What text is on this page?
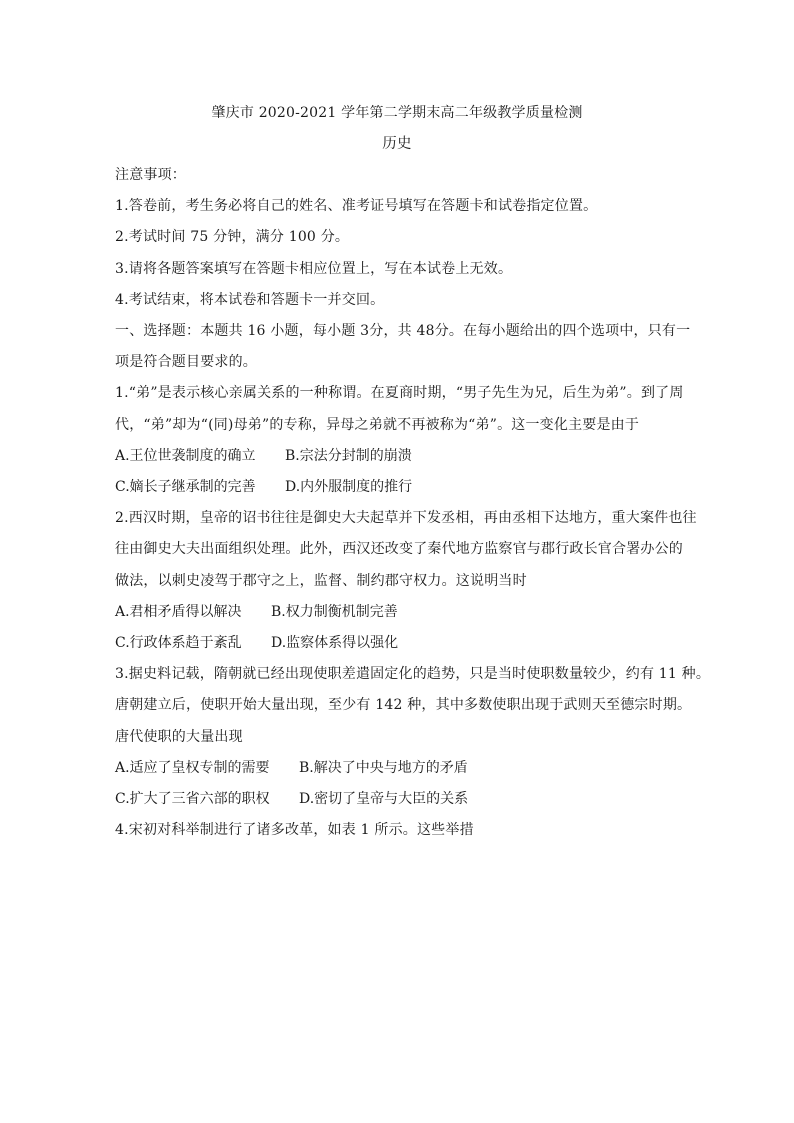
肇庆市 2020-2021 学年第二学期末高二年级教学质量检测
历史
注意事项：
1.答卷前，考生务必将自己的姓名、准考证号填写在答题卡和试卷指定位置。
2.考试时间 75 分钟，满分 100 分。
3.请将各题答案填写在答题卡相应位置上，写在本试卷上无效。
4.考试结束，将本试卷和答题卡一并交回。
一、选择题：本题共 16 小题，每小题 3分，共 48分。在每小题给出的四个选项中，只有一
项是符合题目要求的。
1.“弟”是表示核心亲属关系的一种称谓。在夏商时期，“男子先生为兄，后生为弟”。到了周
代，“弟”却为“(同)母弟”的专称，异母之弟就不再被称为“弟”。这一变化主要是由于
A.王位世袭制度的确立 B.宗法分封制的崩溃
C.嫡长子继承制的完善 D.内外服制度的推行
2.西汉时期，皇帝的诏书往往是御史大夫起草并下发丞相，再由丞相下达地方，重大案件也往
往由御史大夫出面组织处理。此外，西汉还改变了秦代地方监察官与郡行政长官合署办公的
做法，以刺史凌驾于郡守之上，监督、制约郡守权力。这说明当时
A.君相矛盾得以解决 B.权力制衡机制完善
C.行政体系趋于紊乱 D.监察体系得以强化
3.据史料记载，隋朝就已经出现使职差遣固定化的趋势，只是当时使职数量较少，约有 11 种。
唐朝建立后，使职开始大量出现，至少有 142 种，其中多数使职出现于武则天至德宗时期。
唐代使职的大量出现
A.适应了皇权专制的需要 B.解决了中央与地方的矛盾
C.扩大了三省六部的职权 D.密切了皇帝与大臣的关系
4.宋初对科举制进行了诸多改革，如表 1 所示。这些举措
